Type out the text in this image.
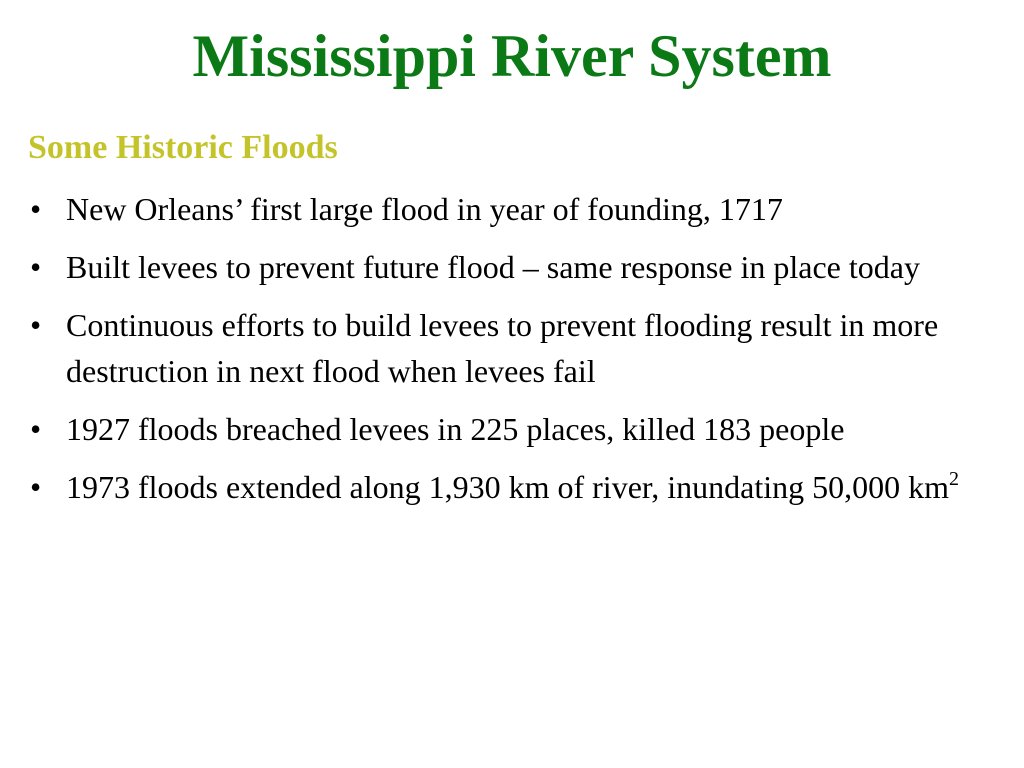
Mississippi River System
Some Historic Floods
• New Orleans’ first large flood in year of founding, 1717
• Built levees to prevent future flood – same response in place today
• Continuous efforts to build levees to prevent flooding result in more destruction in next flood when levees fail
• 1927 floods breached levees in 225 places, killed 183 people
• 1973 floods extended along 1,930 km of river, inundating 50,000 $km^2$
